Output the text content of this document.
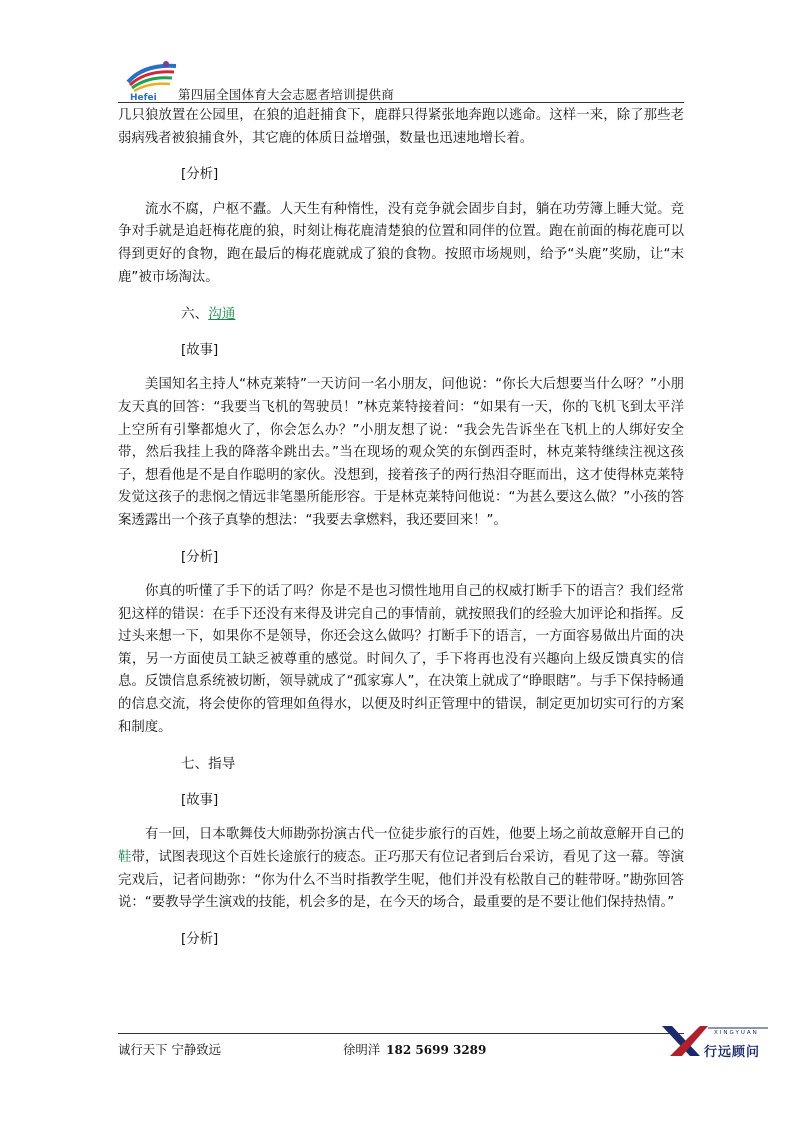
Hefei 第四届全国体育大会志愿者培训提供商

几只狼放置在公园里，在狼的追赶捕食下，鹿群只得紧张地奔跑以逃命。这样一来，除了那些老弱病残者被狼捕食外，其它鹿的体质日益增强，数量也迅速地增长着。

[分析]

流水不腐，户枢不蠹。人天生有种惰性，没有竞争就会固步自封，躺在功劳簿上睡大觉。竞争对手就是追赶梅花鹿的狼，时刻让梅花鹿清楚狼的位置和同伴的位置。跑在前面的梅花鹿可以得到更好的食物，跑在最后的梅花鹿就成了狼的食物。按照市场规则，给予“头鹿”奖励，让“末鹿”被市场淘汰。

六、沟通

[故事]

美国知名主持人“林克莱特”一天访问一名小朋友，问他说：“你长大后想要当什么呀？”小朋友天真的回答：“我要当飞机的驾驶员！”林克莱特接着问：“如果有一天，你的飞机飞到太平洋上空所有引擎都熄火了，你会怎么办？”小朋友想了说：“我会先告诉坐在飞机上的人绑好安全带，然后我挂上我的降落伞跳出去。”当在现场的观众笑的东倒西歪时，林克莱特继续注视这孩子，想看他是不是自作聪明的家伙。没想到，接着孩子的两行热泪夺眶而出，这才使得林克莱特发觉这孩子的悲悯之情远非笔墨所能形容。于是林克莱特问他说：“为甚么要这么做？”小孩的答案透露出一个孩子真挚的想法：“我要去拿燃料，我还要回来！”。

[分析]

你真的听懂了手下的话了吗？你是不是也习惯性地用自己的权威打断手下的语言？我们经常犯这样的错误：在手下还没有来得及讲完自己的事情前，就按照我们的经验大加评论和指挥。反过头来想一下，如果你不是领导，你还会这么做吗？打断手下的语言，一方面容易做出片面的决策，另一方面使员工缺乏被尊重的感觉。时间久了，手下将再也没有兴趣向上级反馈真实的信息。反馈信息系统被切断，领导就成了“孤家寡人”，在决策上就成了“睁眼瞎”。与手下保持畅通的信息交流，将会使你的管理如鱼得水，以便及时纠正管理中的错误，制定更加切实可行的方案和制度。

七、指导

[故事]

有一回，日本歌舞伎大师勘弥扮演古代一位徒步旅行的百姓，他要上场之前故意解开自己的鞋带，试图表现这个百姓长途旅行的疲态。正巧那天有位记者到后台采访，看见了这一幕。等演完戏后，记者问勘弥：“你为什么不当时指教学生呢，他们并没有松散自己的鞋带呀。”勘弥回答说：“要教导学生演戏的技能，机会多的是，在今天的场合，最重要的是不要让他们保持热情。”

[分析]

诚行天下 宁静致远	徐明洋 182 5699 3289
XINGYUAN
行远顾问
